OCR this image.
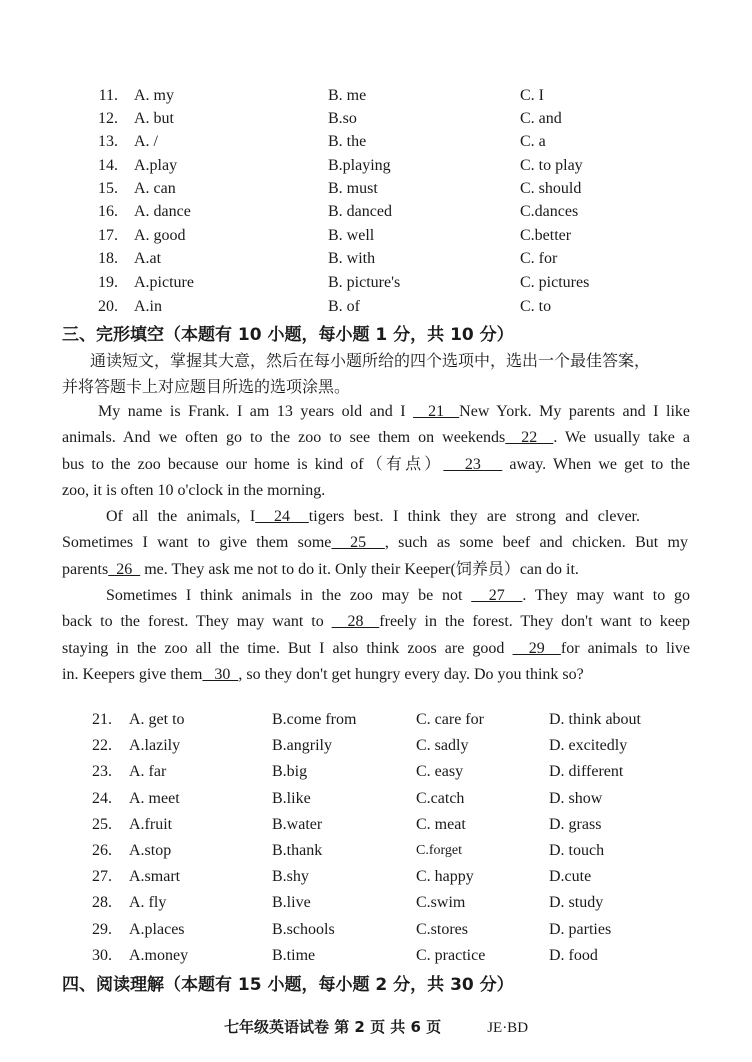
11. A. my	B. me	C. I
12. A. but	B.so	C. and
13. A. /	B. the	C. a
14. A.play	B.playing	C. to play
15. A. can	B. must	C. should
16. A. dance	B. danced	C.dances
17. A. good	B. well	C.better
18. A.at	B. with	C. for
19. A.picture	B. picture's	C. pictures
20. A.in	B. of	C. to
三、完形填空（本题有 10 小题，每小题 1 分，共 10 分）
通读短文，掌握其大意，然后在每小题所给的四个选项中，选出一个最佳答案，
并将答题卡上对应题目所选的选项涂黑。
My name is Frank. I am 13 years old and I   21  New York. My parents and I like
animals. And we often go to the zoo to see them on weekends  22  . We usually take a
bus to the zoo because our home is kind of（有点）   23    away. When we get to the
zoo, it is often 10 o'clock in the morning.
Of all the animals, I  24  tigers best. I think they are strong and clever.
Sometimes I want to give them some  25  , such as some beef and chicken. But my
parents  26   me. They ask me not to do it. Only their Keeper(饲养员）can do it.
Sometimes I think animals in the zoo may be not   27  . They may want to go
back to the forest. They may want to   28  freely in the forest. They don't want to keep
staying in the zoo all the time. But I also think zoos are good   29  for animals to live
in. Keepers give them   30  , so they don't get hungry every day. Do you think so?
21. A. get to	B.come from	C. care for	D. think about
22. A.lazily	B.angrily	C. sadly	D. excitedly
23. A. far	B.big	C. easy	D. different
24. A. meet	B.like	C.catch	D. show
25. A.fruit	B.water	C. meat	D. grass
26. A.stop	B.thank	C.forget	D. touch
27. A.smart	B.shy	C. happy	D.cute
28. A. fly	B.live	C.swim	D. study
29. A.places	B.schools	C.stores	D. parties
30. A.money	B.time	C. practice	D. food
四、阅读理解（本题有 15 小题，每小题 2 分，共 30 分）
七年级英语试卷 第 2 页 共 6 页	JE·BD
